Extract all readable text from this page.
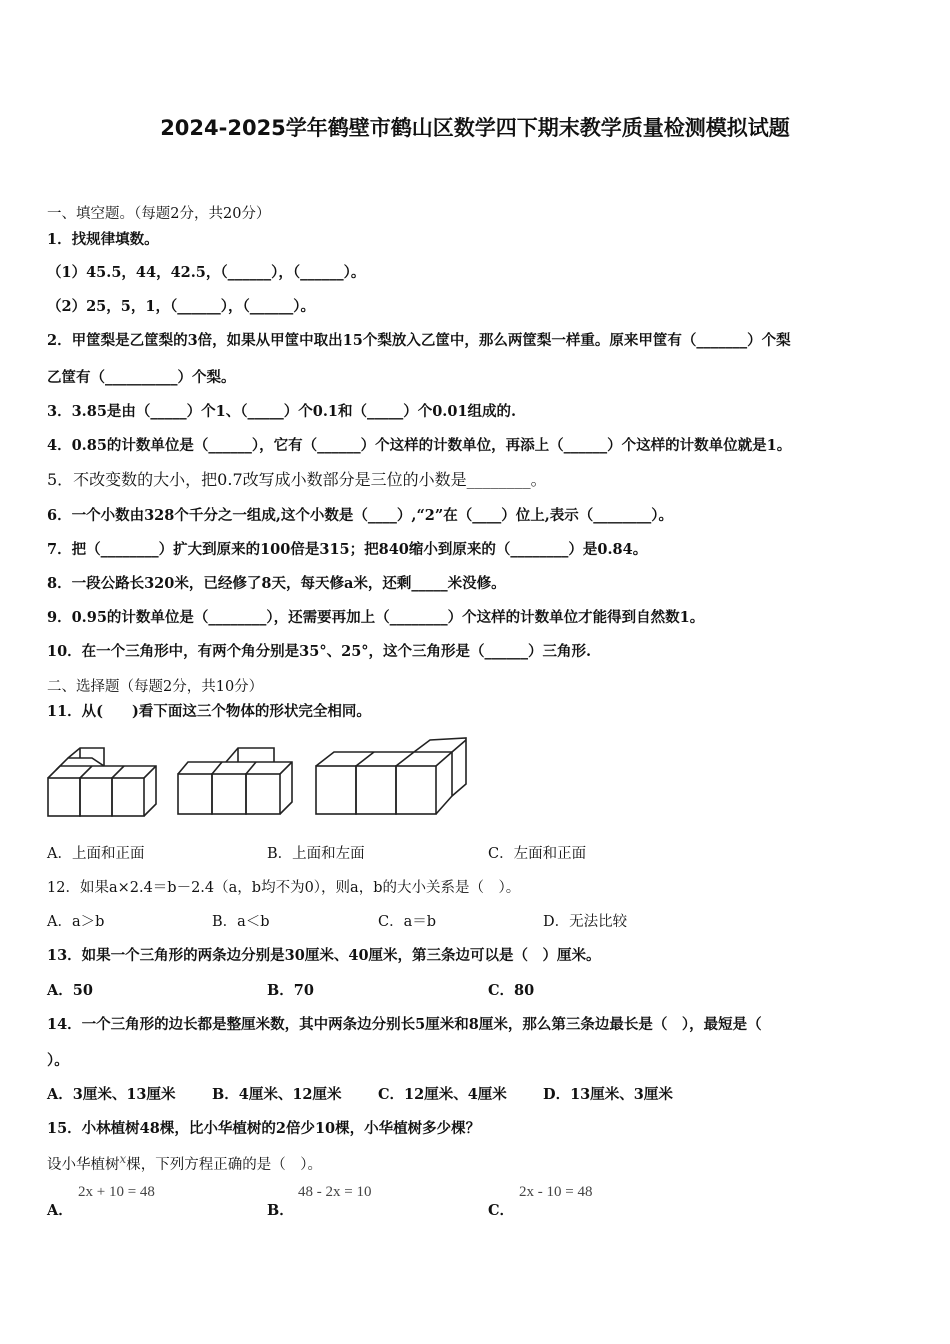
2024-2025学年鹤壁市鹤山区数学四下期末教学质量检测模拟试题
一、填空题。（每题2分，共20分）
1．找规律填数。
（1）45.5，44，42.5，（______），（______）。
（2）25，5，1，（______），（______）。
2．甲筐梨是乙筐梨的3倍，如果从甲筐中取出15个梨放入乙筐中，那么两筐梨一样重。原来甲筐有（_______）个梨
乙筐有（__________）个梨。
3．3.85是由（_____）个1、（_____）个0.1和（_____）个0.01组成的.
4．0.85的计数单位是（______），它有（______）个这样的计数单位，再添上（______）个这样的计数单位就是1。
5．不改变数的大小，把0.7改写成小数部分是三位的小数是________。
6．一个小数由328个千分之一组成,这个小数是（____）,“2”在（____）位上,表示（________）。
7．把（________）扩大到原来的100倍是315；把840缩小到原来的（________）是0.84。
8．一段公路长320米，已经修了8天，每天修a米，还剩_____米没修。
9．0.95的计数单位是（________），还需要再加上（________）个这样的计数单位才能得到自然数1。
10．在一个三角形中，有两个角分别是35°、25°，这个三角形是（______）三角形.
二、选择题（每题2分，共10分）
11．从(　　)看下面这三个物体的形状完全相同。
A．上面和正面	B．上面和左面	C．左面和正面
12．如果a×2.4＝b－2.4（a，b均不为0），则a，b的大小关系是（　）。
A．a＞b	B．a＜b	C．a＝b	D．无法比较
13．如果一个三角形的两条边分别是30厘米、40厘米，第三条边可以是（　）厘米。
A．50	B．70	C．80
14．一个三角形的边长都是整厘米数，其中两条边分别长5厘米和8厘米，那么第三条边最长是（　），最短是（
）。
A．3厘米、13厘米	B．4厘米、12厘米	C．12厘米、4厘米 D．13厘米、3厘米
15．小林植树48棵，比小华植树的2倍少10棵，小华植树多少棵？
设小华植树$^x$棵，下列方程正确的是（　）。
A．
2x + 10 = 48
B．
48 - 2x = 10
C．
2x - 10 = 48
